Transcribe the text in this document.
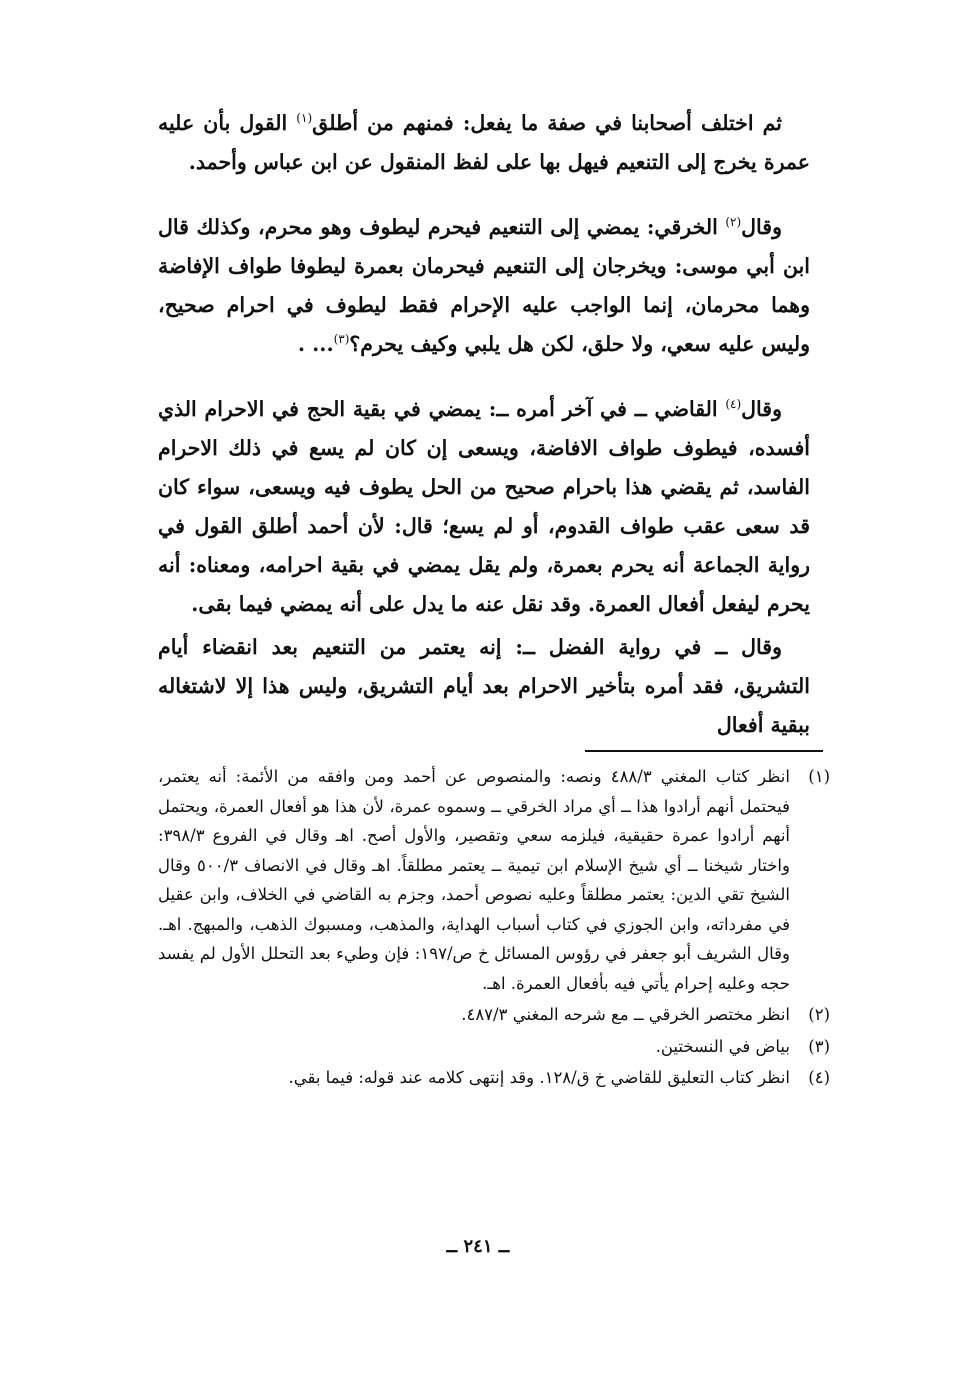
ثم اختلف أصحابنا في صفة ما يفعل: فمنهم من أطلق$^{(١)}$ القول بأن عليه عمرة يخرج إلى التنعيم فيهل بها على لفظ المنقول عن ابن عباس وأحمد.

وقال$^{(٢)}$ الخرقي: يمضي إلى التنعيم فيحرم ليطوف وهو محرم، وكذلك قال ابن أبي موسى: ويخرجان إلى التنعيم فيحرمان بعمرة ليطوفا طواف الإفاضة وهما محرمان، إنما الواجب عليه الإحرام فقط ليطوف في احرام صحيح، وليس عليه سعي، ولا حلق، لكن هل يلبي وكيف يحرم؟$^{(٣)}$... .

وقال$^{(٤)}$ القاضي ــ في آخر أمره ــ: يمضي في بقية الحج في الاحرام الذي أفسده، فيطوف طواف الافاضة، ويسعى إن كان لم يسع في ذلك الاحرام الفاسد، ثم يقضي هذا باحرام صحيح من الحل يطوف فيه ويسعى، سواء كان قد سعى عقب طواف القدوم، أو لم يسع؛ قال: لأن أحمد أطلق القول في رواية الجماعة أنه يحرم بعمرة، ولم يقل يمضي في بقية احرامه، ومعناه: أنه يحرم ليفعل أفعال العمرة. وقد نقل عنه ما يدل على أنه يمضي فيما بقى.

وقال ــ في رواية الفضل ــ: إنه يعتمر من التنعيم بعد انقضاء أيام التشريق، فقد أمره بتأخير الاحرام بعد أيام التشريق، وليس هذا إلا لاشتغاله ببقية أفعال

(١)
انظر كتاب المغني ٤٨٨/٣ ونصه: والمنصوص عن أحمد ومن وافقه من الأئمة: أنه يعتمر، فيحتمل أنهم أرادوا هذا ــ أي مراد الخرقي ــ وسموه عمرة، لأن هذا هو أفعال العمرة، ويحتمل أنهم أرادوا عمرة حقيقية، فيلزمه سعي وتقصير، والأول أصح. اهـ وقال في الفروع ٣٩٨/٣: واختار شيخنا ــ أي شيخ الإسلام ابن تيمية ــ يعتمر مطلقاً. اهـ وقال في الانصاف ٥٠٠/٣ وقال الشيخ تقي الدين: يعتمر مطلقاً وعليه نصوص أحمد، وجزم به القاضي في الخلاف، وابن عقيل في مفرداته، وابن الجوزي في كتاب أسباب الهداية، والمذهب، ومسبوك الذهب، والمبهج. اهـ. وقال الشريف أبو جعفر في رؤوس المسائل خ ص/١٩٧: فإن وطيء بعد التحلل الأول لم يفسد حجه وعليه إحرام يأتي فيه بأفعال العمرة. اهـ.
(٢)
انظر مختصر الخرقي ــ مع شرحه المغني ٤٨٧/٣.
(٣)
بياض في النسختين.
(٤)
انظر كتاب التعليق للقاضي خ ق/١٢٨. وقد إنتهى كلامه عند قوله: فيما بقي.
ــ ٢٤١ ــ
